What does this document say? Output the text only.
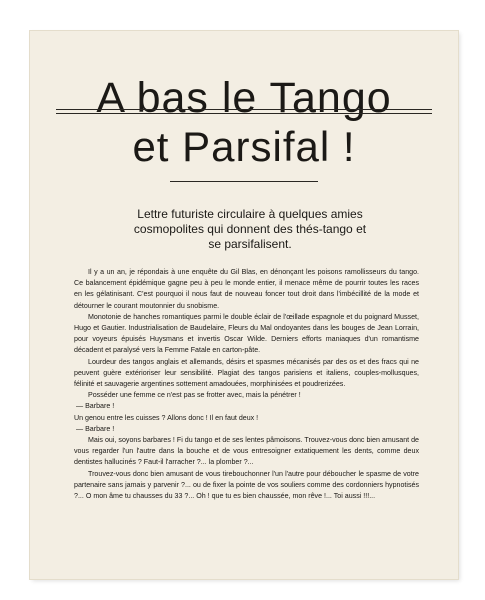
A bas le Tango
et Parsifal !
Lettre futuriste circulaire à quelques amies cosmopolites qui donnent des thés-tango et se parsifalisent.

Il y a un an, je répondais à une enquête du Gil Blas, en dénonçant les poisons ramollisseurs du tango. Ce balancement épidémique gagne peu à peu le monde entier, il menace même de pourrir toutes les races en les gélatinisant. C'est pourquoi il nous faut de nouveau foncer tout droit dans l'imbécillité de la mode et détourner le courant moutonnier du snobisme.

Monotonie de hanches romantiques parmi le double éclair de l'œillade espagnole et du poignard Musset, Hugo et Gautier. Industrialisation de Baudelaire, Fleurs du Mal ondoyantes dans les bouges de Jean Lorrain, pour voyeurs épuisés Huysmans et invertis Oscar Wilde. Derniers efforts maniaques d'un romantisme décadent et paralysé vers la Femme Fatale en carton-pâte.

Lourdeur des tangos anglais et allemands, désirs et spasmes mécanisés par des os et des fracs qui ne peuvent guère extérioriser leur sensibilité. Plagiat des tangos parisiens et italiens, couples-mollusques, félinité et sauvagerie argentines sottement amadouées, morphinisées et poudrerizées.

Posséder une femme ce n'est pas se frotter avec, mais la pénétrer !

— Barbare !

Un genou entre les cuisses ? Allons donc ! Il en faut deux !

— Barbare !

Mais oui, soyons barbares ! Fi du tango et de ses lentes pâmoisons. Trouvez-vous donc bien amusant de vous regarder l'un l'autre dans la bouche et de vous entresoigner extatiquement les dents, comme deux dentistes hallucinés ? Faut-il l'arracher ?... la plomber ?...

Trouvez-vous donc bien amusant de vous tirebouchonner l'un l'autre pour déboucher le spasme de votre partenaire sans jamais y parvenir ?... ou de fixer la pointe de vos souliers comme des cordonniers hypnotisés ?... O mon âme tu chausses du 33 ?... Oh ! que tu es bien chaussée, mon rêve !... Toi aussi !!!...
